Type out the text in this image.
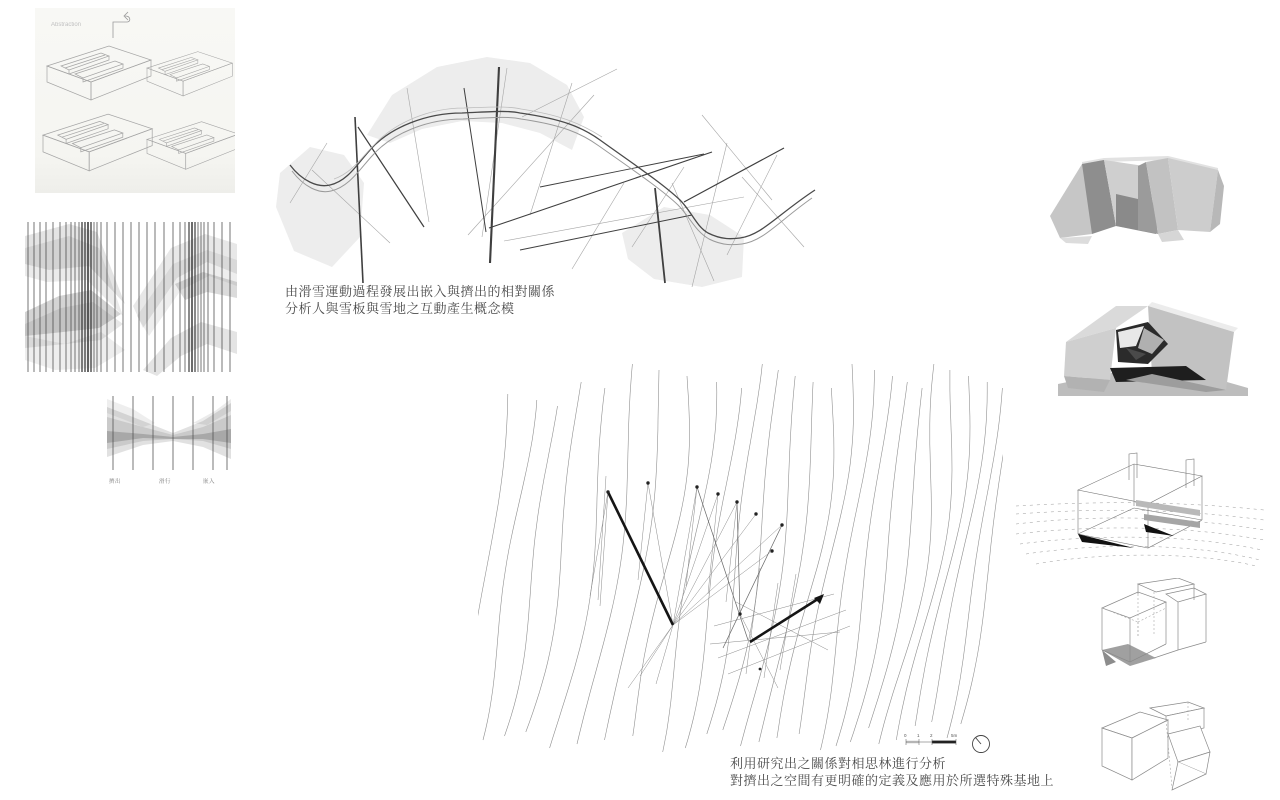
Abstraction
擠出	滑行	嵌入
由滑雪運動過程發展出嵌入與擠出的相對關係
分析人與雪板與雪地之互動產生概念模
0 1 2	5m
利用研究出之關係對相思林進行分析
對擠出之空間有更明確的定義及應用於所選特殊基地上
